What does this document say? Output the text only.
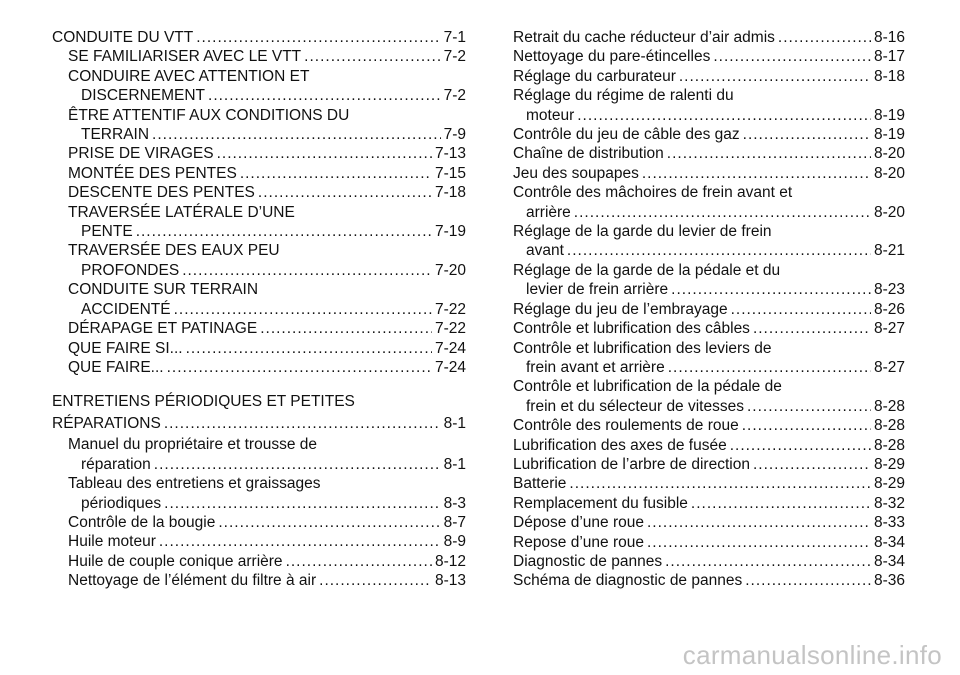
CONDUITE DU VTT .....	7-1
SE FAMILIARISER AVEC LE VTT .....	7-2
CONDUIRE AVEC ATTENTION ET
DISCERNEMENT .....	7-2
ÊTRE ATTENTIF AUX CONDITIONS DU
TERRAIN .....	7-9
PRISE DE VIRAGES .....	7-13
MONTÉE DES PENTES .....	7-15
DESCENTE DES PENTES .....	7-18
TRAVERSÉE LATÉRALE D’UNE
PENTE .....	7-19
TRAVERSÉE DES EAUX PEU
PROFONDES .....	7-20
CONDUITE SUR TERRAIN
ACCIDENTÉ .....	7-22
DÉRAPAGE ET PATINAGE .....	7-22
QUE FAIRE SI... .....	7-24
QUE FAIRE... .....	7-24
ENTRETIENS PÉRIODIQUES ET PETITES
RÉPARATIONS .....	8-1
Manuel du propriétaire et trousse de
réparation .....	8-1
Tableau des entretiens et graissages
périodiques .....	8-3
Contrôle de la bougie .....	8-7
Huile moteur .....	8-9
Huile de couple conique arrière .....	8-12
Nettoyage de l’élément du filtre à air .....	8-13
Retrait du cache réducteur d’air admis .....	8-16
Nettoyage du pare-étincelles .....	8-17
Réglage du carburateur .....	8-18
Réglage du régime de ralenti du
moteur .....	8-19
Contrôle du jeu de câble des gaz .....	8-19
Chaîne de distribution .....	8-20
Jeu des soupapes .....	8-20
Contrôle des mâchoires de frein avant et
arrière .....	8-20
Réglage de la garde du levier de frein
avant .....	8-21
Réglage de la garde de la pédale et du
levier de frein arrière .....	8-23
Réglage du jeu de l’embrayage .....	8-26
Contrôle et lubrification des câbles .....	8-27
Contrôle et lubrification des leviers de
frein avant et arrière .....	8-27
Contrôle et lubrification de la pédale de
frein et du sélecteur de vitesses .....	8-28
Contrôle des roulements de roue .....	8-28
Lubrification des axes de fusée .....	8-28
Lubrification de l’arbre de direction .....	8-29
Batterie .....	8-29
Remplacement du fusible .....	8-32
Dépose d’une roue .....	8-33
Repose d’une roue .....	8-34
Diagnostic de pannes .....	8-34
Schéma de diagnostic de pannes .....	8-36
carmanualsonline.info
